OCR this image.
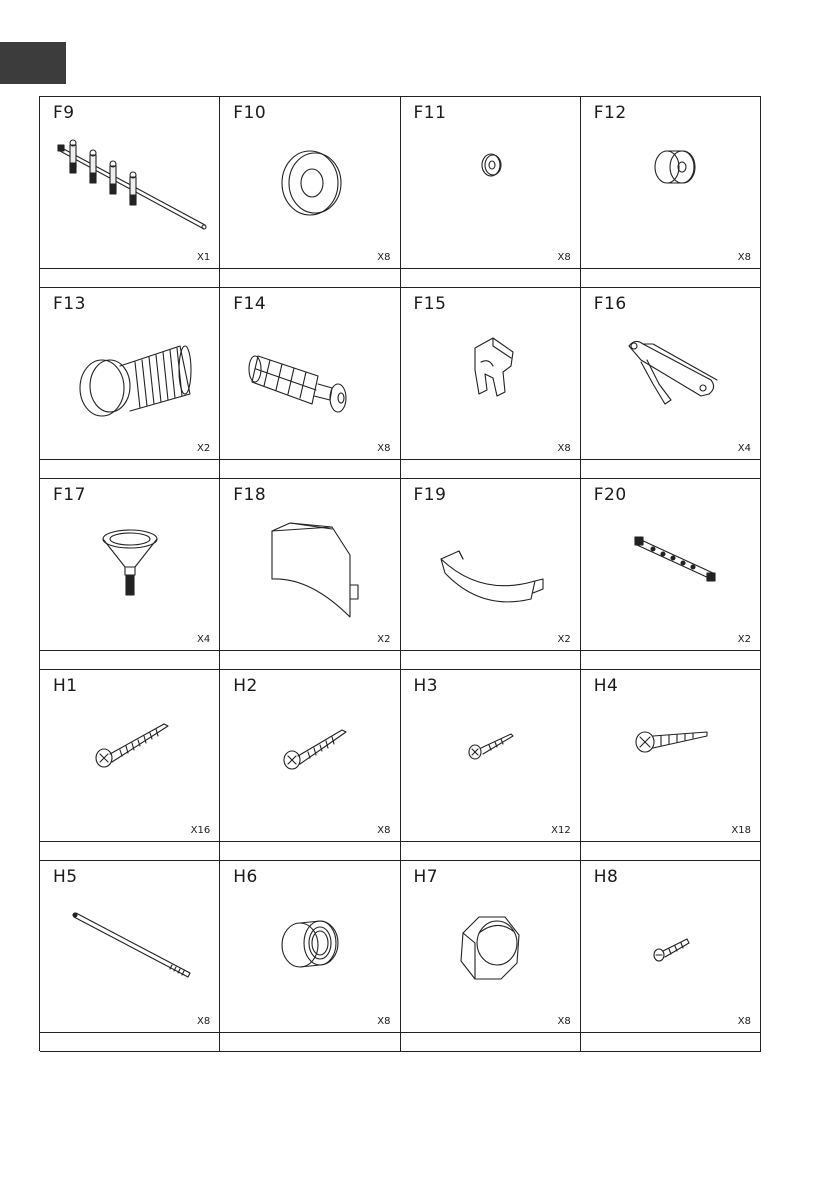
F9
X1
F10
X8
F11
X8
F12
X8
F13
X2
F14
X8
F15
X8
F16
X4
F17
X4
F18
X2
F19
X2
F20
X2
H1
X16
H2
X8
H3
X12
H4
X18
H5
X8
H6
X8
H7
X8
H8
X8
